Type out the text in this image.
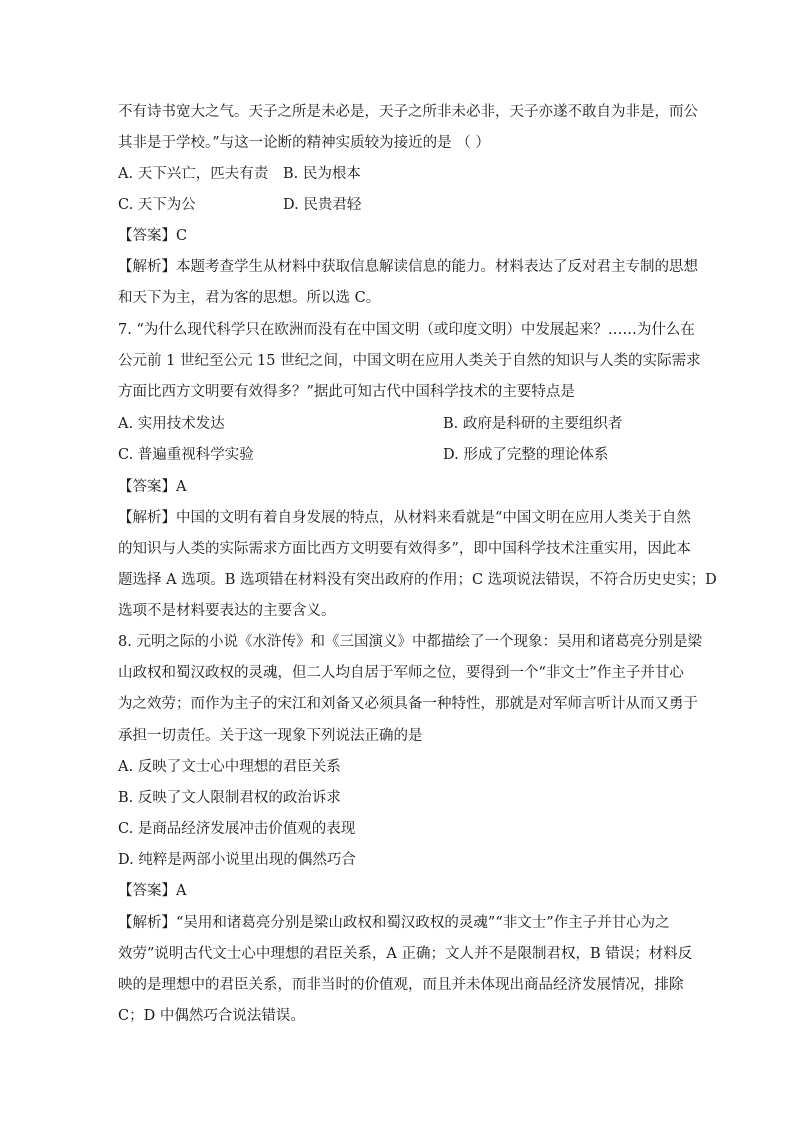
不有诗书宽大之气。天子之所是未必是，天子之所非未必非，天子亦遂不敢自为非是，而公
其非是于学校。”与这一论断的精神实质较为接近的是 （ ）
A. 天下兴亡，匹夫有责 B. 民为根本
C. 天下为公	D. 民贵君轻
【答案】C
【解析】本题考查学生从材料中获取信息解读信息的能力。材料表达了反对君主专制的思想
和天下为主，君为客的思想。所以选 C。
7. “为什么现代科学只在欧洲而没有在中国文明（或印度文明）中发展起来？……为什么在
公元前 1 世纪至公元 15 世纪之间，中国文明在应用人类关于自然的知识与人类的实际需求
方面比西方文明要有效得多？”据此可知古代中国科学技术的主要特点是
A. 实用技术发达	B. 政府是科研的主要组织者
C. 普遍重视科学实验	D. 形成了完整的理论体系
【答案】A
【解析】中国的文明有着自身发展的特点，从材料来看就是“中国文明在应用人类关于自然
的知识与人类的实际需求方面比西方文明要有效得多”，即中国科学技术注重实用，因此本
题选择 A 选项。B 选项错在材料没有突出政府的作用；C 选项说法错误，不符合历史史实；D
选项不是材料要表达的主要含义。
8. 元明之际的小说《水浒传》和《三国演义》中都描绘了一个现象：吴用和诸葛亮分别是梁
山政权和蜀汉政权的灵魂，但二人均自居于军师之位，要得到一个“非文士”作主子并甘心
为之效劳；而作为主子的宋江和刘备又必须具备一种特性，那就是对军师言听计从而又勇于
承担一切责任。关于这一现象下列说法正确的是
A. 反映了文士心中理想的君臣关系
B. 反映了文人限制君权的政治诉求
C. 是商品经济发展冲击价值观的表现
D. 纯粹是两部小说里出现的偶然巧合
【答案】A
【解析】“吴用和诸葛亮分别是梁山政权和蜀汉政权的灵魂”“非文士”作主子并甘心为之
效劳”说明古代文士心中理想的君臣关系，A 正确；文人并不是限制君权，B 错误；材料反
映的是理想中的君臣关系，而非当时的价值观，而且并未体现出商品经济发展情况，排除
C；D 中偶然巧合说法错误。
